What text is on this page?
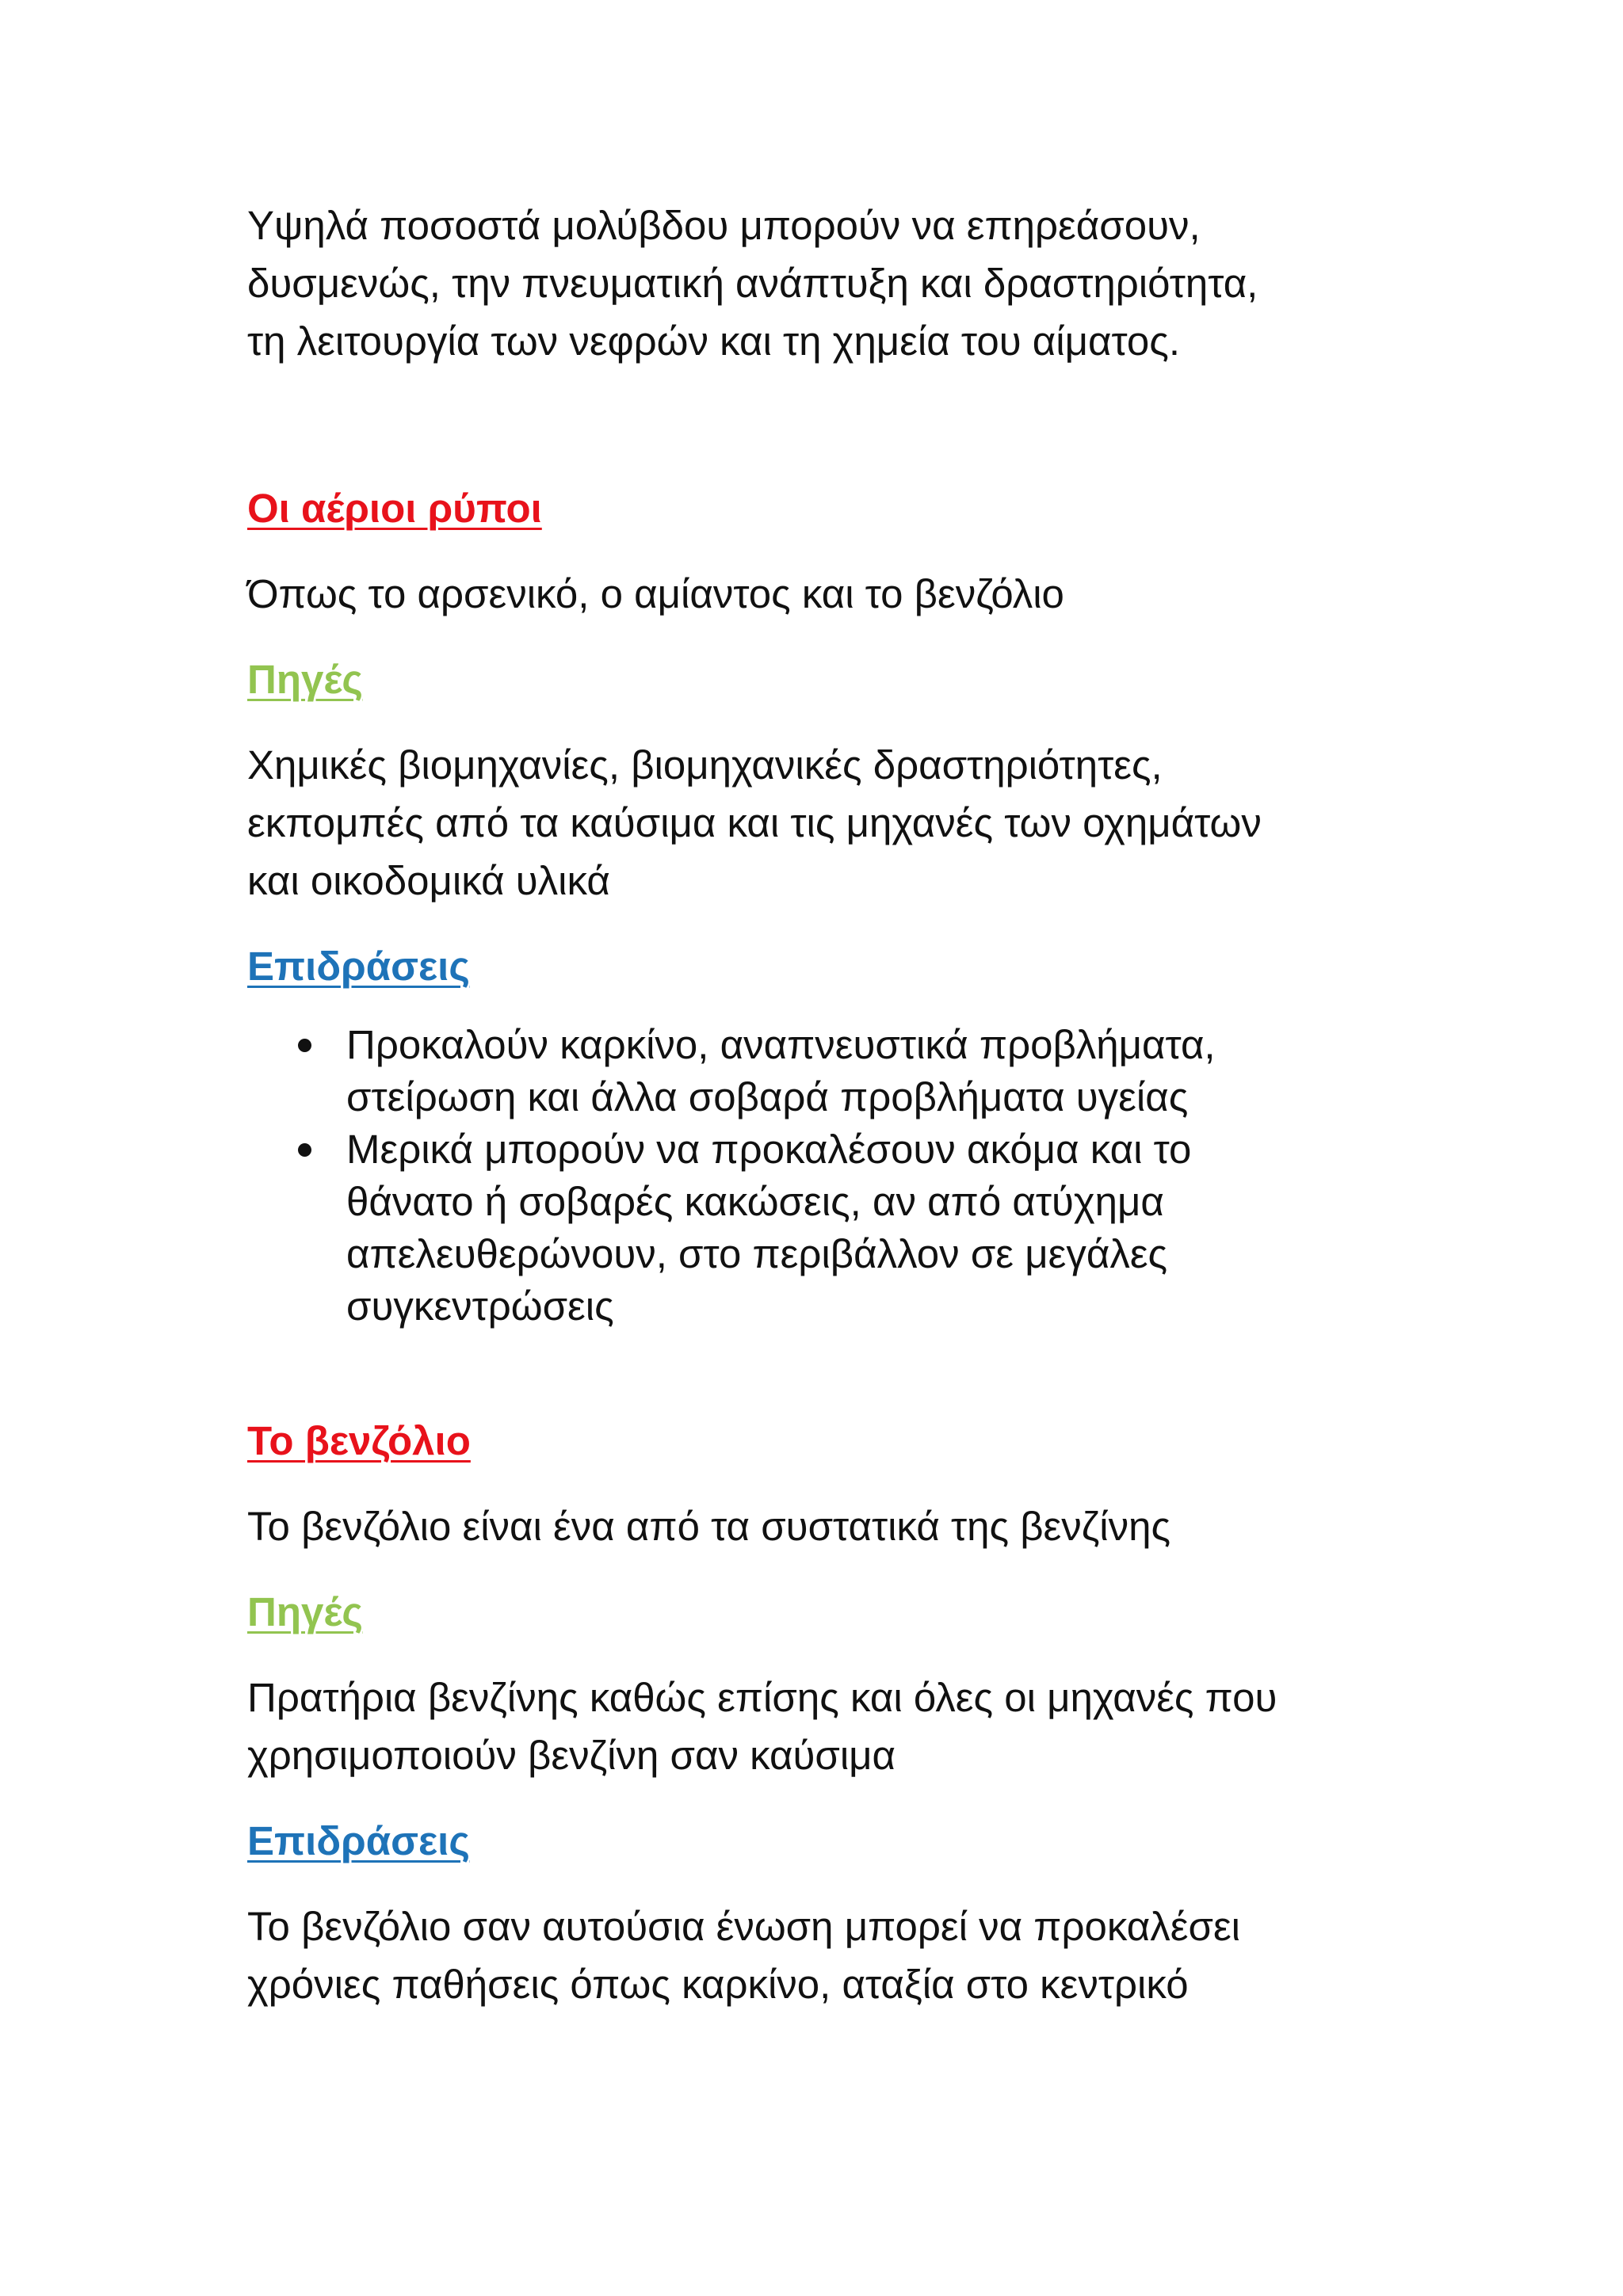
Υψηλά ποσοστά μολύβδου μπορούν να επηρεάσουν,
δυσμενώς, την πνευματική ανάπτυξη και δραστηριότητα,
τη λειτουργία των νεφρών και τη χημεία του αίματος.

Οι αέριοι ρύποι

Όπως το αρσενικό, ο αμίαντος και το βενζόλιο

Πηγές

Χημικές βιομηχανίες, βιομηχανικές δραστηριότητες,
εκπομπές από τα καύσιμα και τις μηχανές των οχημάτων
και οικοδομικά υλικά

Επιδράσεις
Προκαλούν καρκίνο, αναπνευστικά προβλήματα,
στείρωση και άλλα σοβαρά προβλήματα υγείας
Μερικά μπορούν να προκαλέσουν ακόμα και το
θάνατο ή σοβαρές κακώσεις, αν από ατύχημα
απελευθερώνουν, στο περιβάλλον σε μεγάλες
συγκεντρώσεις
Το βενζόλιο

Το βενζόλιο είναι ένα από τα συστατικά της βενζίνης

Πηγές

Πρατήρια βενζίνης καθώς επίσης και όλες οι μηχανές που
χρησιμοποιούν βενζίνη σαν καύσιμα

Επιδράσεις

Το βενζόλιο σαν αυτούσια ένωση μπορεί να προκαλέσει
χρόνιες παθήσεις όπως καρκίνο, αταξία στο κεντρικό
